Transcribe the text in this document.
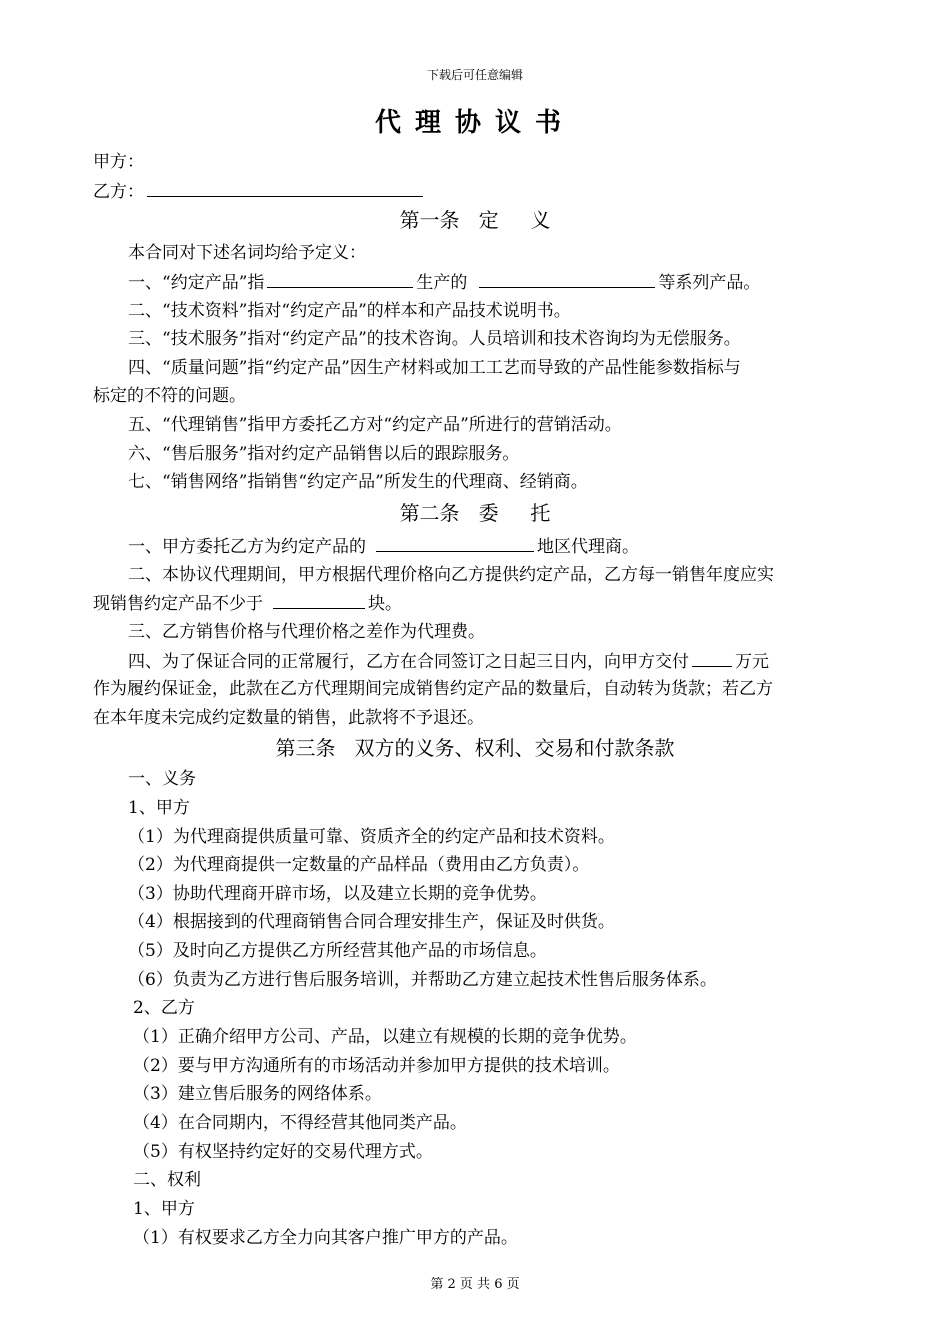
下载后可任意编辑
代理协议书
甲方：
乙方：
第一条   定     义
本合同对下述名词均给予定义：
一、“约定产品”指	生产的	等系列产品。
二、“技术资料”指对“约定产品”的样本和产品技术说明书。
三、“技术服务”指对“约定产品”的技术咨询。人员培训和技术咨询均为无偿服务。
四、“质量问题”指“约定产品”因生产材料或加工工艺而导致的产品性能参数指标与
标定的不符的问题。
五、“代理销售”指甲方委托乙方对“约定产品”所进行的营销活动。
六、“售后服务”指对约定产品销售以后的跟踪服务。
七、“销售网络”指销售“约定产品”所发生的代理商、经销商。
第二条   委     托
一、甲方委托乙方为约定产品的	地区代理商。
二、本协议代理期间，甲方根据代理价格向乙方提供约定产品，乙方每一销售年度应实
现销售约定产品不少于	块。
三、乙方销售价格与代理价格之差作为代理费。
四、为了保证合同的正常履行，乙方在合同签订之日起三日内，向甲方交付	万元
作为履约保证金，此款在乙方代理期间完成销售约定产品的数量后，自动转为货款；若乙方
在本年度未完成约定数量的销售，此款将不予退还。
第三条   双方的义务、权利、交易和付款条款
一、义务
1、甲方
（1）为代理商提供质量可靠、资质齐全的约定产品和技术资料。
（2）为代理商提供一定数量的产品样品（费用由乙方负责）。
（3）协助代理商开辟市场，以及建立长期的竞争优势。
（4）根据接到的代理商销售合同合理安排生产，保证及时供货。
（5）及时向乙方提供乙方所经营其他产品的市场信息。
（6）负责为乙方进行售后服务培训，并帮助乙方建立起技术性售后服务体系。
2、乙方
（1）正确介绍甲方公司、产品，以建立有规模的长期的竞争优势。
（2）要与甲方沟通所有的市场活动并参加甲方提供的技术培训。
（3）建立售后服务的网络体系。
（4）在合同期内，不得经营其他同类产品。
（5）有权坚持约定好的交易代理方式。
二、权利
1、甲方
（1）有权要求乙方全力向其客户推广甲方的产品。
第 2 页 共 6 页
